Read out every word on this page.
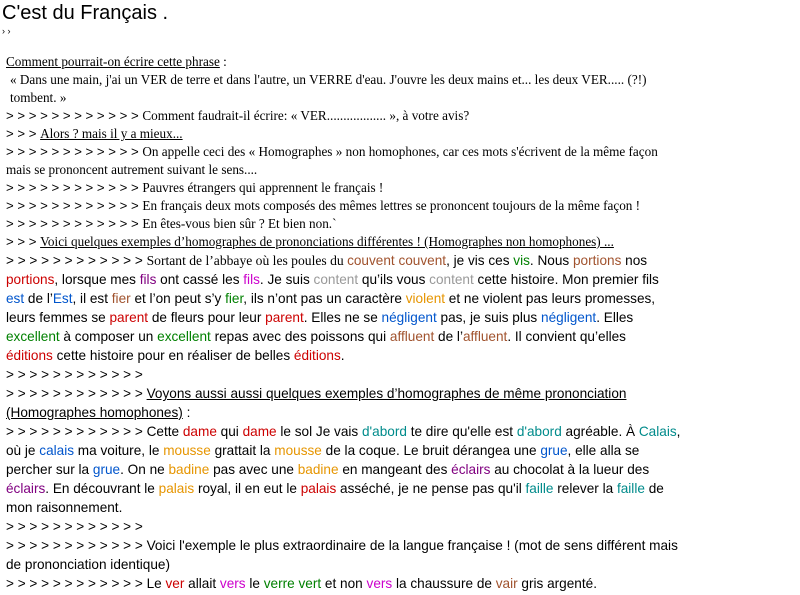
C'est du Français .
› ›
Comment pourrait-on écrire cette phrase :
« Dans une main, j'ai un VER de terre et dans l'autre, un VERRE d'eau. J'ouvre les deux mains et... les deux VER..... (?!)
tombent. »
> > > > > > > > > > > > Comment faudrait-il écrire: « VER.................. », à votre avis?
> > > Alors ? mais il y a mieux...
> > > > > > > > > > > > On appelle ceci des « Homographes » non homophones, car ces mots s'écrivent de la même façon
mais se prononcent autrement suivant le sens....
> > > > > > > > > > > > Pauvres étrangers qui apprennent le français !
> > > > > > > > > > > > En français deux mots composés des mêmes lettres se prononcent toujours de la même façon !
> > > > > > > > > > > > En êtes-vous bien sûr ? Et bien non.`
> > > Voici quelques exemples d’homographes de prononciations différentes ! (Homographes non homophones) ...
> > > > > > > > > > > > Sortant de l’abbaye où les poules du couvent couvent, je vis ces vis. Nous portions nos
portions, lorsque mes fils ont cassé les fils. Je suis content qu’ils vous content cette histoire. Mon premier fils
est de l’Est, il est fier et l’on peut s’y fier, ils n’ont pas un caractère violent et ne violent pas leurs promesses,
leurs femmes se parent de fleurs pour leur parent. Elles ne se négligent pas, je suis plus négligent. Elles
excellent à composer un excellent repas avec des poissons qui affluent de l’affluent. Il convient qu’elles
éditions cette histoire pour en réaliser de belles éditions.
> > > > > > > > > > > >
> > > > > > > > > > > > Voyons aussi aussi quelques exemples d’homographes de même prononciation
(Homographes homophones) :
> > > > > > > > > > > > Cette dame qui dame le sol Je vais d'abord te dire qu'elle est d'abord agréable. À Calais,
où je calais ma voiture, le mousse grattait la mousse de la coque. Le bruit dérangea une grue, elle alla se
percher sur la grue. On ne badine pas avec une badine en mangeant des éclairs au chocolat à la lueur des
éclairs. En découvrant le palais royal, il en eut le palais asséché, je ne pense pas qu'il faille relever la faille de
mon raisonnement.
> > > > > > > > > > > >
> > > > > > > > > > > > Voici l'exemple le plus extraordinaire de la langue française ! (mot de sens différent mais
de prononciation identique)
> > > > > > > > > > > > Le ver allait vers le verre vert et non vers la chaussure de vair gris argenté.
